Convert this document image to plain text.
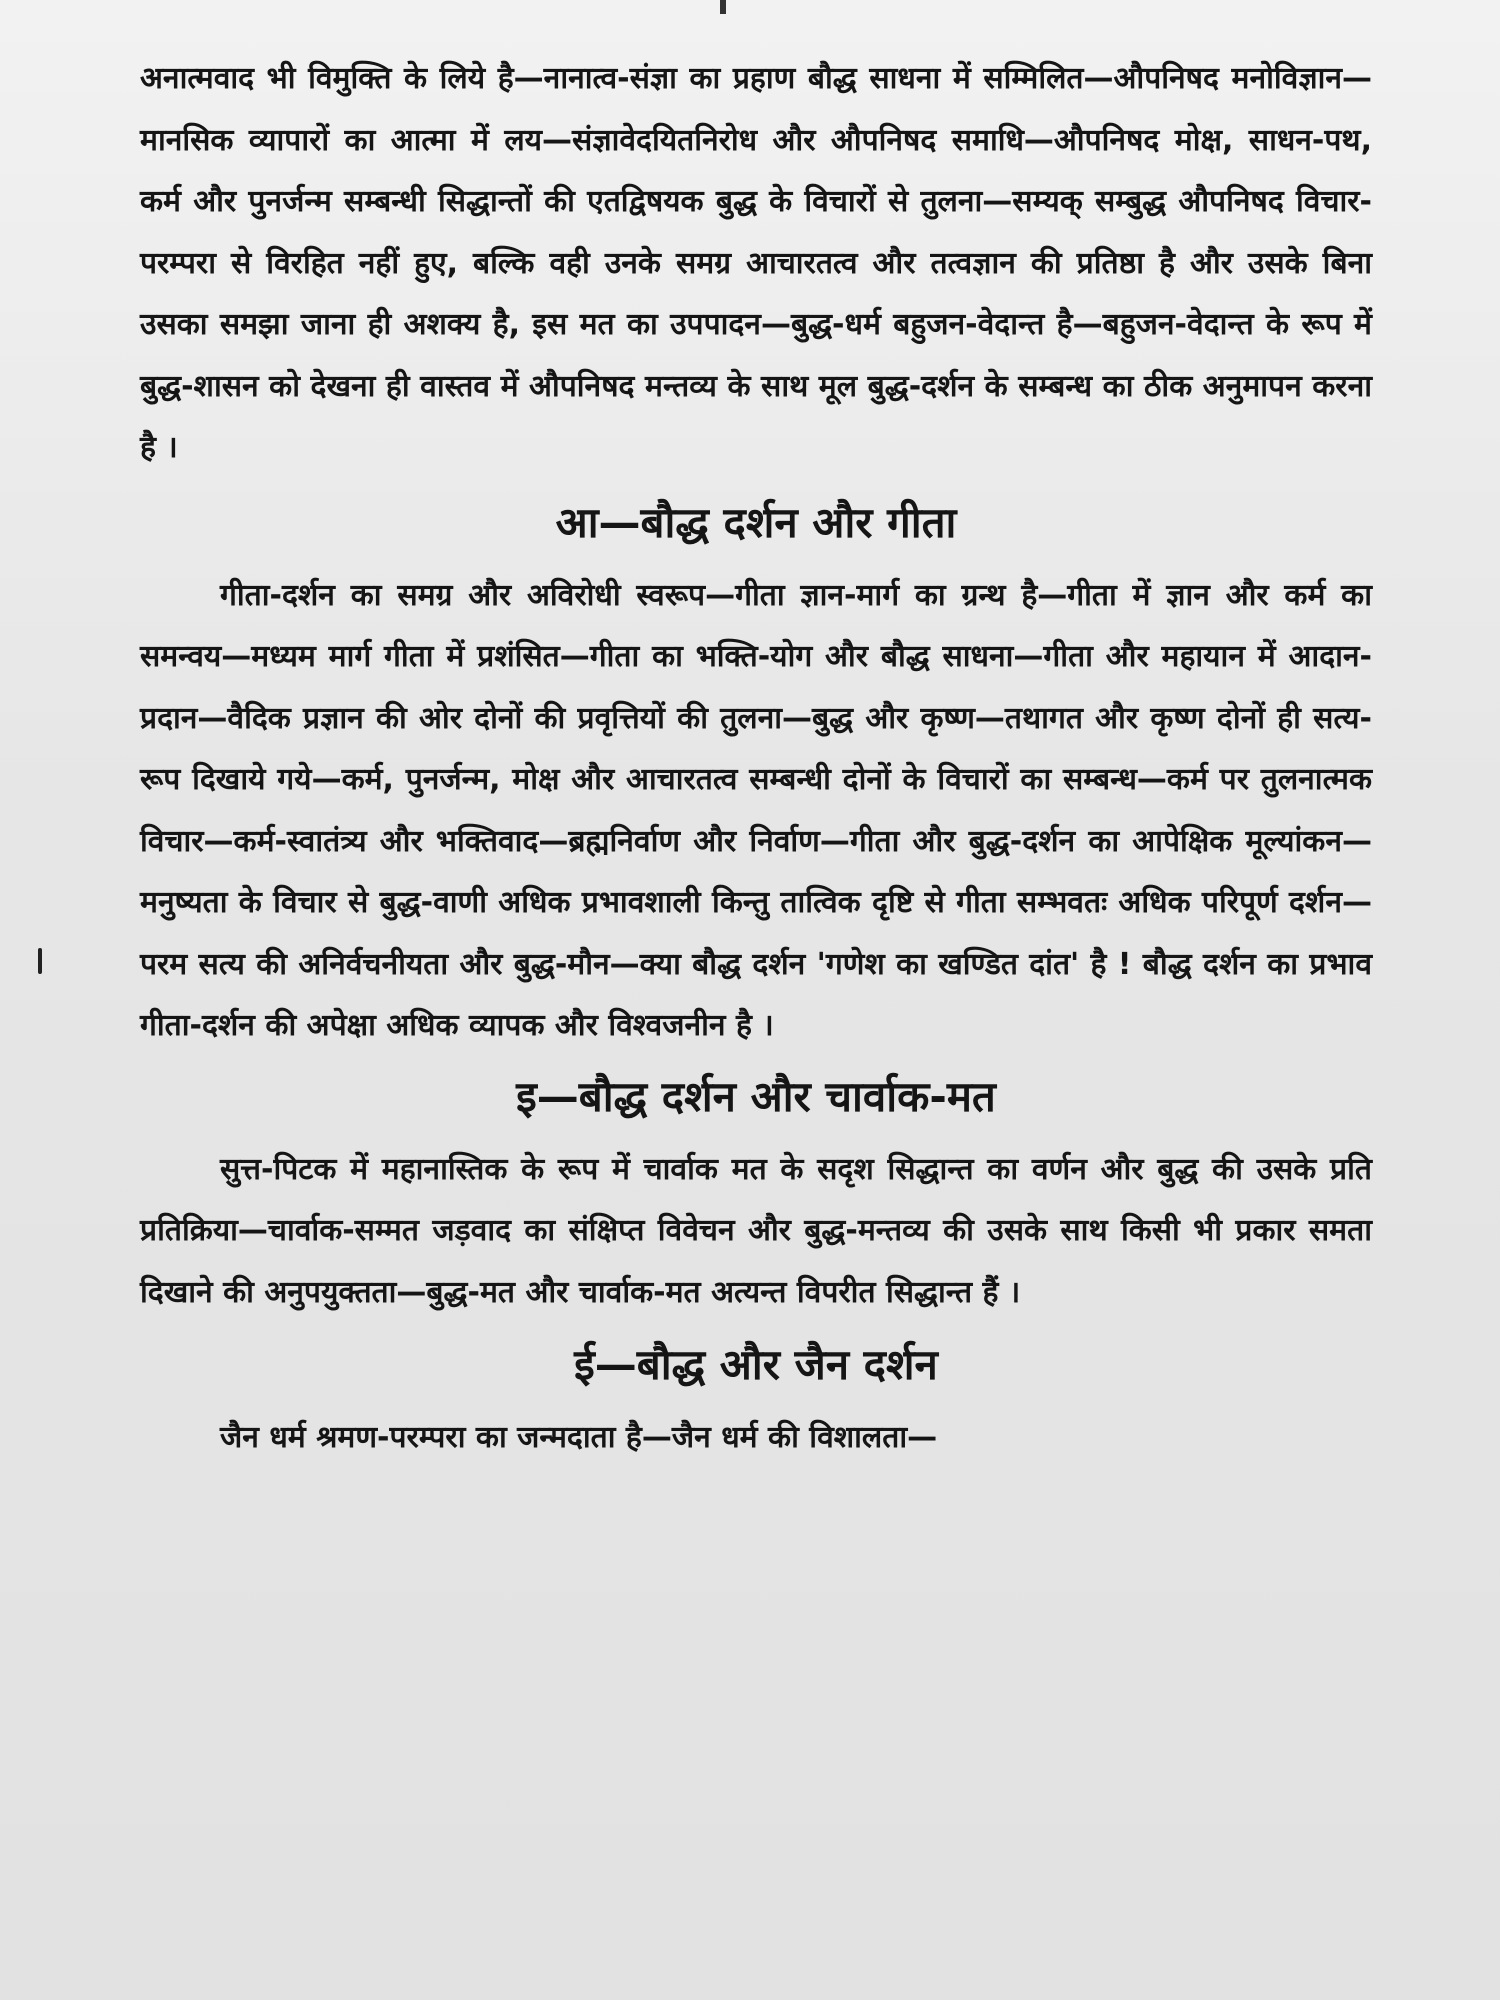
अनात्मवाद भी विमुक्ति के लिये है—नानात्व-संज्ञा का प्रहाण बौद्ध साधना में सम्मिलित—औपनिषद मनोविज्ञान—मानसिक व्यापारों का आत्मा में लय—संज्ञावेदयितनिरोध और औपनिषद समाधि—औपनिषद मोक्ष, साधन-पथ, कर्म और पुनर्जन्म सम्बन्धी सिद्धान्तों की एतद्विषयक बुद्ध के विचारों से तुलना—सम्यक् सम्बुद्ध औपनिषद विचार-परम्परा से विरहित नहीं हुए, बल्कि वही उनके समग्र आचारतत्व और तत्वज्ञान की प्रतिष्ठा है और उसके बिना उसका समझा जाना ही अशक्य है, इस मत का उपपादन—बुद्ध-धर्म बहुजन-वेदान्त है—बहुजन-वेदान्त के रूप में बुद्ध-शासन को देखना ही वास्तव में औपनिषद मन्तव्य के साथ मूल बुद्ध-दर्शन के सम्बन्ध का ठीक अनुमापन करना है ।

आ—बौद्ध दर्शन और गीता

गीता-दर्शन का समग्र और अविरोधी स्वरूप—गीता ज्ञान-मार्ग का ग्रन्थ है—गीता में ज्ञान और कर्म का समन्वय—मध्यम मार्ग गीता में प्रशंसित—गीता का भक्ति-योग और बौद्ध साधना—गीता और महायान में आदान-प्रदान—वैदिक प्रज्ञान की ओर दोनों की प्रवृत्तियों की तुलना—बुद्ध और कृष्ण—तथागत और कृष्ण दोनों ही सत्य-रूप दिखाये गये—कर्म, पुनर्जन्म, मोक्ष और आचारतत्व सम्बन्धी दोनों के विचारों का सम्बन्ध—कर्म पर तुलनात्मक विचार—कर्म-स्वातंत्र्य और भक्तिवाद—ब्रह्मनिर्वाण और निर्वाण—गीता और बुद्ध-दर्शन का आपेक्षिक मूल्यांकन—मनुष्यता के विचार से बुद्ध-वाणी अधिक प्रभावशाली किन्तु तात्विक दृष्टि से गीता सम्भवतः अधिक परिपूर्ण दर्शन—परम सत्य की अनिर्वचनीयता और बुद्ध-मौन—क्या बौद्ध दर्शन 'गणेश का खण्डित दांत' है ! बौद्ध दर्शन का प्रभाव गीता-दर्शन की अपेक्षा अधिक व्यापक और विश्वजनीन है ।

इ—बौद्ध दर्शन और चार्वाक-मत

सुत्त-पिटक में महानास्तिक के रूप में चार्वाक मत के सदृश सिद्धान्त का वर्णन और बुद्ध की उसके प्रति प्रतिक्रिया—चार्वाक-सम्मत जड़वाद का संक्षिप्त विवेचन और बुद्ध-मन्तव्य की उसके साथ किसी भी प्रकार समता दिखाने की अनुपयुक्तता—बुद्ध-मत और चार्वाक-मत अत्यन्त विपरीत सिद्धान्त हैं ।

ई—बौद्ध और जैन दर्शन

जैन धर्म श्रमण-परम्परा का जन्मदाता है—जैन धर्म की विशालता—
